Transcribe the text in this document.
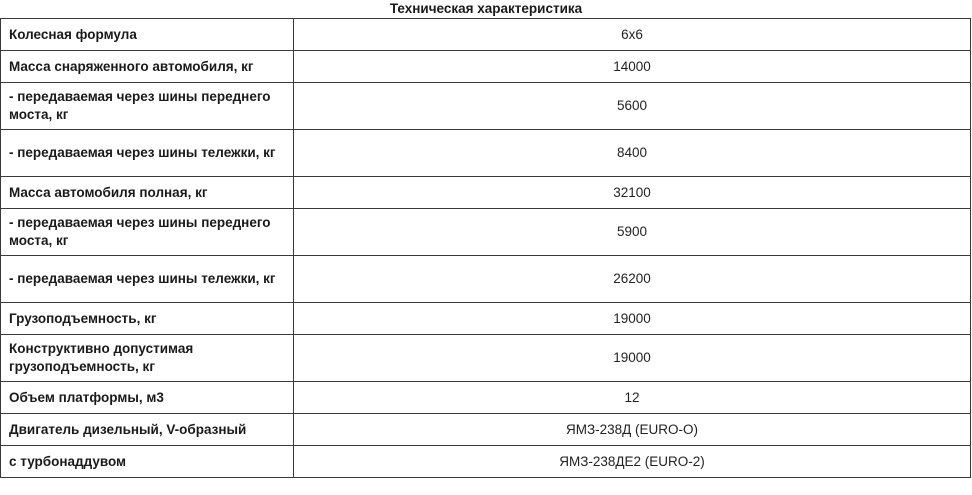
Техническая характеристика
Колесная формула	6х6
Масса снаряженного автомобиля, кг	14000
- передаваемая через шины переднего моста, кг	5600
- передаваемая через шины тележки, кг	8400
Масса автомобиля полная, кг	32100
- передаваемая через шины переднего моста, кг	5900
- передаваемая через шины тележки, кг	26200
Грузоподъемность, кг	19000
Конструктивно допустимая грузоподъемность, кг	19000
Объем платформы, м3	12
Двигатель дизельный, V-образный	ЯМЗ-238Д (EURO-O)
с турбонаддувом	ЯМЗ-238ДЕ2 (EURO-2)
